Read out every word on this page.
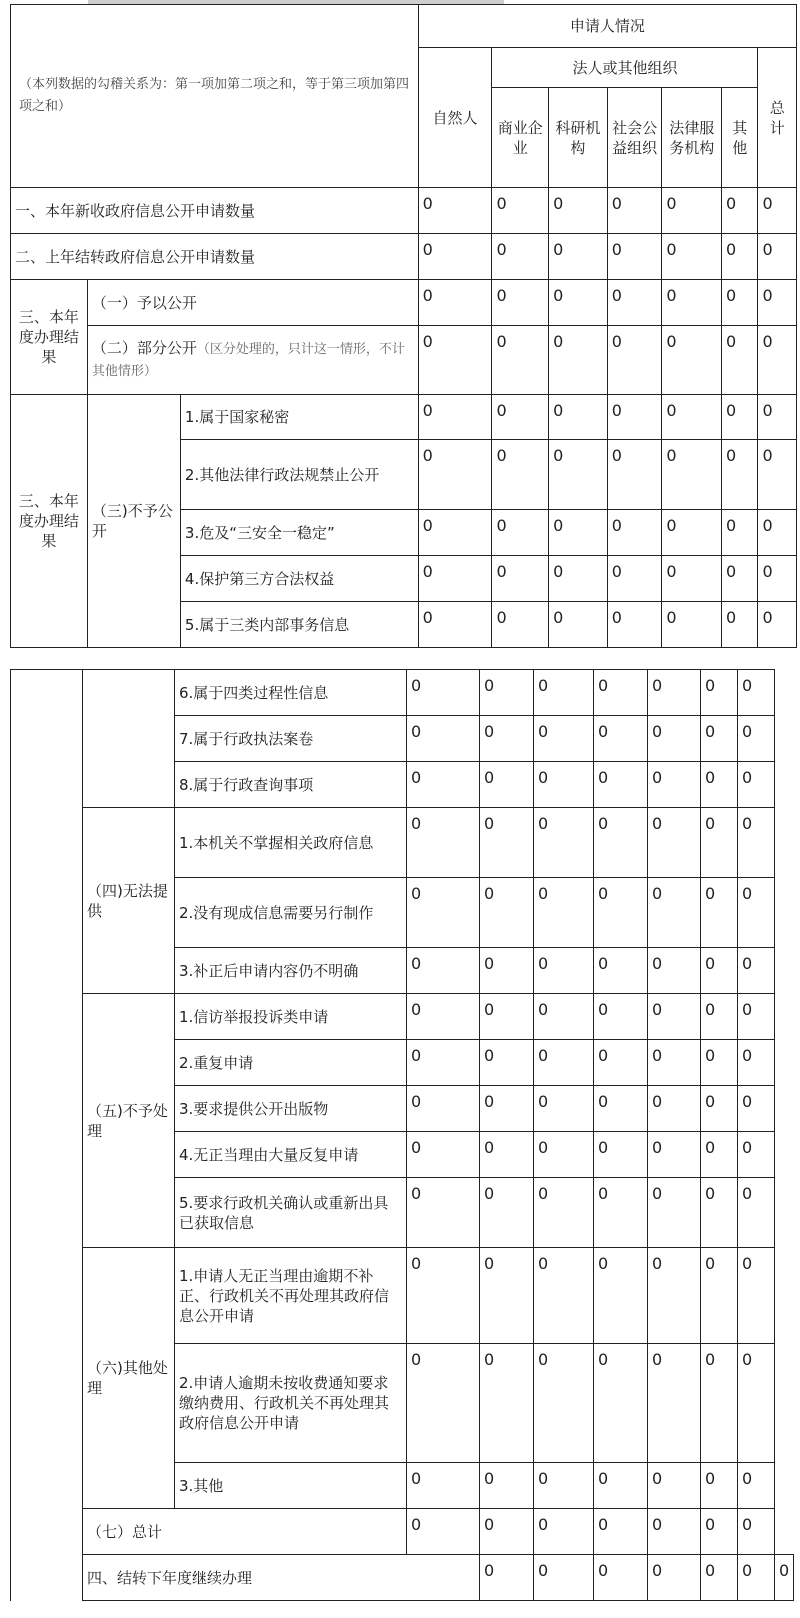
（本列数据的勾稽关系为：第一项加第二项之和，等于第三项加第四项之和）			申请人情况						
			自然人	法人或其他组织					总计
				商业企业	科研机构	社会公益组织	法律服务机构	其他	
一、本年新收政府信息公开申请数量			0	0	0	0	0	0	0
二、上年结转政府信息公开申请数量			0	0	0	0	0	0	0
三、本年度办理结果	（一）予以公开		0	0	0	0	0	0	0
	（二）部分公开（区分处理的，只计这一情形，不计其他情形）		0	0	0	0	0	0	0
三、本年度办理结果	（三)不予公开	1.属于国家秘密	0	0	0	0	0	0	0
		2.其他法律行政法规禁止公开	0	0	0	0	0	0	0
		3.危及“三安全一稳定”	0	0	0	0	0	0	0
		4.保护第三方合法权益	0	0	0	0	0	0	0
		5.属于三类内部事务信息	0	0	0	0	0	0	0
		6.属于四类过程性信息	0	0	0	0	0	0	0	
		7.属于行政执法案卷	0	0	0	0	0	0	0	
		8.属于行政查询事项	0	0	0	0	0	0	0	
	（四)无法提供	1.本机关不掌握相关政府信息	0	0	0	0	0	0	0	
		2.没有现成信息需要另行制作	0	0	0	0	0	0	0	
		3.补正后申请内容仍不明确	0	0	0	0	0	0	0	
	（五)不予处理	1.信访举报投诉类申请	0	0	0	0	0	0	0	
		2.重复申请	0	0	0	0	0	0	0	
		3.要求提供公开出版物	0	0	0	0	0	0	0	
		4.无正当理由大量反复申请	0	0	0	0	0	0	0	
		5.要求行政机关确认或重新出具已获取信息	0	0	0	0	0	0	0	
	（六)其他处理	1.申请人无正当理由逾期不补正、行政机关不再处理其政府信息公开申请	0	0	0	0	0	0	0	
		2.申请人逾期未按收费通知要求缴纳费用、行政机关不再处理其政府信息公开申请	0	0	0	0	0	0	0	
		3.其他	0	0	0	0	0	0	0	
	（七）总计		0	0	0	0	0	0	0	
	四、结转下年度继续办理			0	0	0	0	0	0	0
